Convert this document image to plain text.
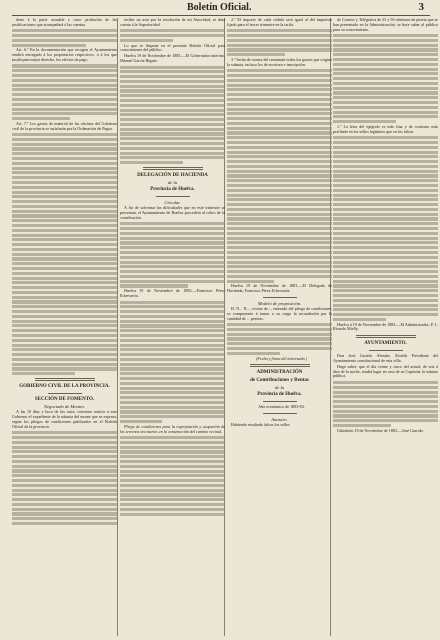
Boletín Oficial.	3

dono á la parte actuable y com- probación de las justificaciones que acompañará á las cuentas.

Art. 6.º En la documentación que recogen el Ayuntamiento rendirá entregado á los propietarios respectivos, ó á los que justifiquen mejor derecho, los efectos de pago.

Art. 7.º Los gastos de material de las oficinas del Gobierno civil de la provincia se satisfarán por la Ordenación de Pagos.

GOBIERNO CIVIL DE LA PROVINCIA.
SECCIÓN DE FOMENTO.
Negociado de Montes.

A las 10 días y hora de las once, conviene remitir á este Gobierno el expediente de la subasta del monte que se expresa, según los pliegos de condiciones publicados en el Boletín Oficial de la provincia.

recibir un acta por la resolución de mi Autoridad, se dará cuenta á la Superioridad.

Lo que se dispone en el presente Boletín Oficial para conocimiento del público.

Huelva 19 de Noviembre de 1883.—El Gobernador interino, Manuel García Higuer.

DELEGACIÓN DE HACIENDA
de la
Provincia de Huelva.
Circular.

A fin de solventar las dificultades que en este trimestre se presentan, el Ayuntamiento de Huelva procederá al cobro de la contribución.

Huelva 19 de Noviembre de 1883.—Francisco Pérez Echevarría.

Pliego de condiciones para la expropiación y ocupación de los terrenos necesarios en la construcción del camino vecinal.

2.º El importe de cada cédula será igual al del impuesto fijado para el tercer trimestre en la tarifa.

3.º Serán de cuenta del rematante todos los gastos que origine la subasta, incluso los de escritura e inscripción.

Huelva 19 de Noviembre de 1883.—El Delegado de Hacienda, Francisco Pérez Echevarría.

Modelo de proposición.

D. N... N..., vecino de..., enterado del pliego de condiciones, se compromete á tomar a su cargo la recaudación por la cantidad de ... pesetas.

(Fecha y firma del interesado.)

ADMINISTRACIÓN
de Contribuciones y Rentas
de la
Provincia de Huelva.

Año económico de 1883-84.

Anuncio.

Habiendo resultado falsos los sellos

de Correos y Telégrafos de 25 y 50 céntimos de peseta que se han presentado en la Administración, se hace saber al público para su conocimiento.

1.º La letra del epígrafe es más fina y de contorno más perfilado en los sellos legítimos que en los falsos.

Huelva á 19 de Noviembre de 1883.—El Administrador, P. I., Ricardo Mielly.

AYUNTAMIENTO.

Don José Garrido Alemán, Alcalde Presidente del Ayuntamiento constitucional de esta villa.

Hago saber: que el día veinte y cinco del actual, de seis á diez de la noche, tendrá lugar en casa de su Capitular la subasta pública.

Gibraleón 19 de Noviembre de 1883.—José Garrido.
